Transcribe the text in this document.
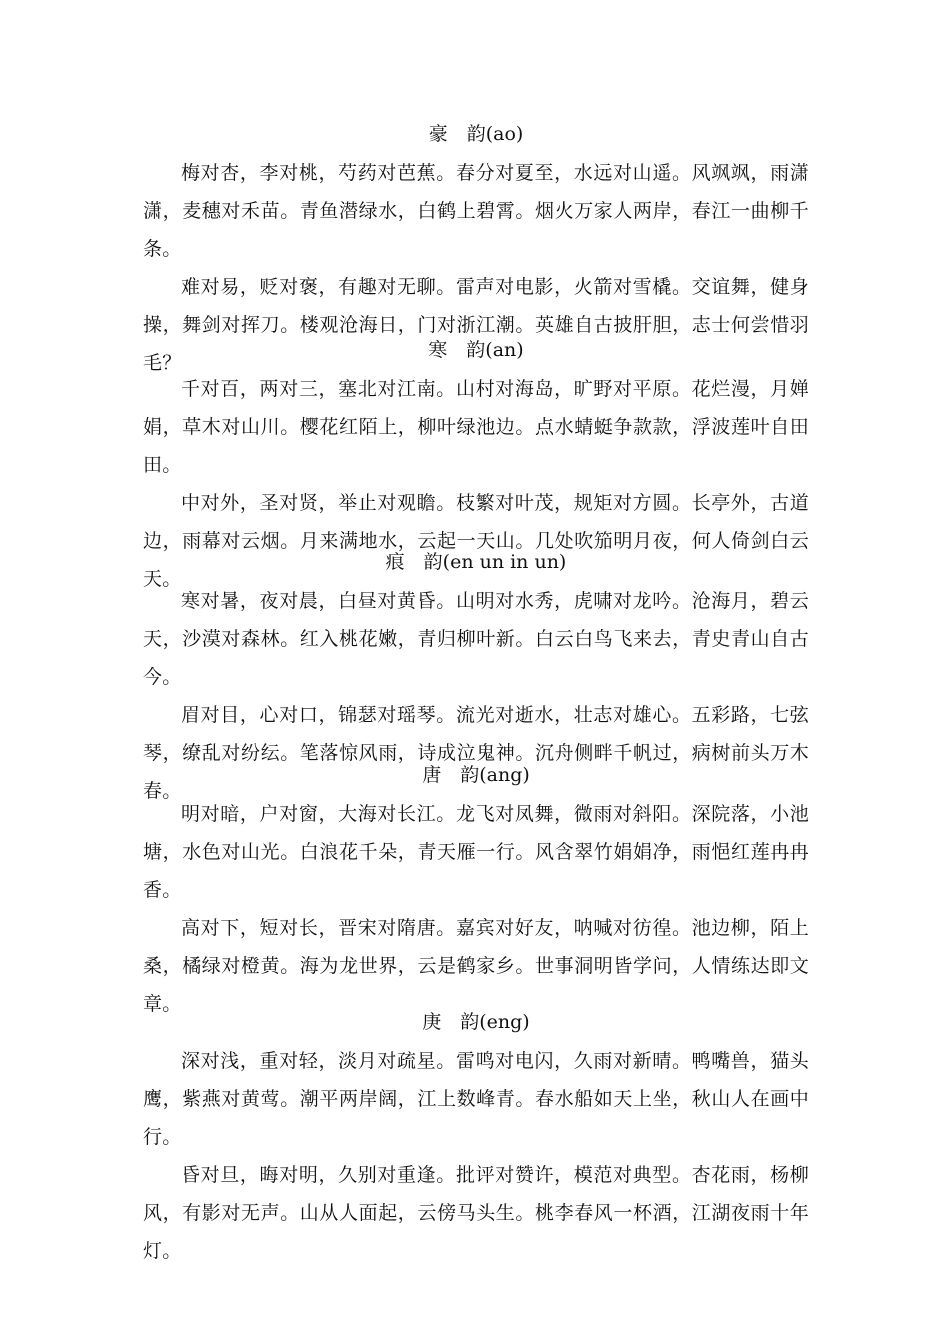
豪　韵(ao)

梅对杏，李对桃，芍药对芭蕉。春分对夏至，水远对山遥。风飒飒，雨潇潇，麦穗对禾苗。青鱼潜绿水，白鹤上碧霄。烟火万家人两岸，春江一曲柳千条。

难对易，贬对褒，有趣对无聊。雷声对电影，火箭对雪橇。交谊舞，健身操，舞剑对挥刀。楼观沧海日，门对浙江潮。英雄自古披肝胆，志士何尝惜羽毛？

寒　韵(an)

千对百，两对三，塞北对江南。山村对海岛，旷野对平原。花烂漫，月婵娟，草木对山川。樱花红陌上，柳叶绿池边。点水蜻蜓争款款，浮波莲叶自田田。

中对外，圣对贤，举止对观瞻。枝繁对叶茂，规矩对方圆。长亭外，古道边，雨幕对云烟。月来满地水，云起一天山。几处吹笳明月夜，何人倚剑白云天。

痕　韵(en un in un)

寒对暑，夜对晨，白昼对黄昏。山明对水秀，虎啸对龙吟。沧海月，碧云天，沙漠对森林。红入桃花嫩，青归柳叶新。白云白鸟飞来去，青史青山自古今。

眉对目，心对口，锦瑟对瑶琴。流光对逝水，壮志对雄心。五彩路，七弦琴，缭乱对纷纭。笔落惊风雨，诗成泣鬼神。沉舟侧畔千帆过，病树前头万木春。

唐　韵(ang)

明对暗，户对窗，大海对长江。龙飞对凤舞，微雨对斜阳。深院落，小池塘，水色对山光。白浪花千朵，青天雁一行。风含翠竹娟娟净，雨悒红莲冉冉香。

高对下，短对长，晋宋对隋唐。嘉宾对好友，呐喊对彷徨。池边柳，陌上桑，橘绿对橙黄。海为龙世界，云是鹤家乡。世事洞明皆学问，人情练达即文章。

庚　韵(eng)

深对浅，重对轻，淡月对疏星。雷鸣对电闪，久雨对新晴。鸭嘴兽，猫头鹰，紫燕对黄莺。潮平两岸阔，江上数峰青。春水船如天上坐，秋山人在画中行。

昏对旦，晦对明，久别对重逢。批评对赞许，模范对典型。杏花雨，杨柳风，有影对无声。山从人面起，云傍马头生。桃李春风一杯酒，江湖夜雨十年灯。
